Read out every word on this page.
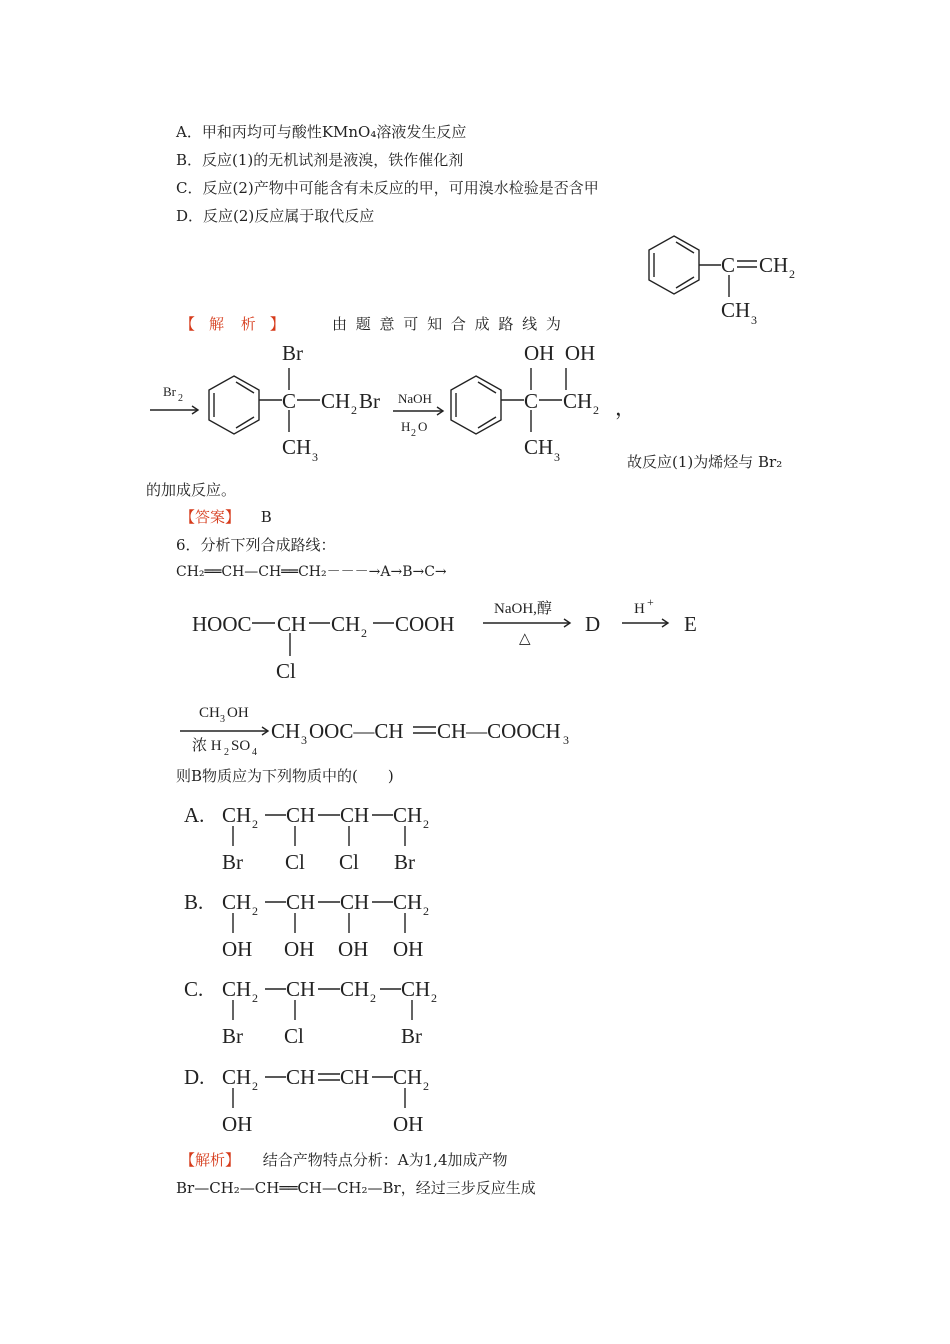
A．甲和丙均可与酸性KMnO₄溶液发生反应
B．反应(1)的无机试剂是液溴，铁作催化剂
C．反应(2)产物中可能含有未反应的甲，可用溴水检验是否含甲
D．反应(2)反应属于取代反应
【 解 析 】	由 题 意 可 知 合 成 路 线 为
故反应(1)为烯烃与 Br₂
的加成反应。
，
【答案】 B
6．分析下列合成路线：
CH₂══CH—CH══CH₂－－－→A→B→C→
则B物质应为下列物质中的(　　)
【解析】 结合产物特点分析：A为1,4加成产物
Br—CH₂—CH══CH—CH₂—Br，经过三步反应生成
C CH 2
CH 3
Br 2
Br
C CH 2 Br
CH 3
NaOH
H 2 O
OH  OH
C CH 2
CH 3
HOOC CH CH 2 COOH
Cl
NaOH,醇
△
D
H +
E
CH 3 OH
浓 H 2 SO 4
CH 3 OOC—CH CH—COOCH 3
A. CH 2 CH CH CH 2
Br Cl Cl Br
B. CH 2 CH CH CH 2
OH OH OH OH
C. CH 2 CH CH 2 CH 2
Br Cl	Br
D. CH 2 CH CH CH 2
OH	OH
